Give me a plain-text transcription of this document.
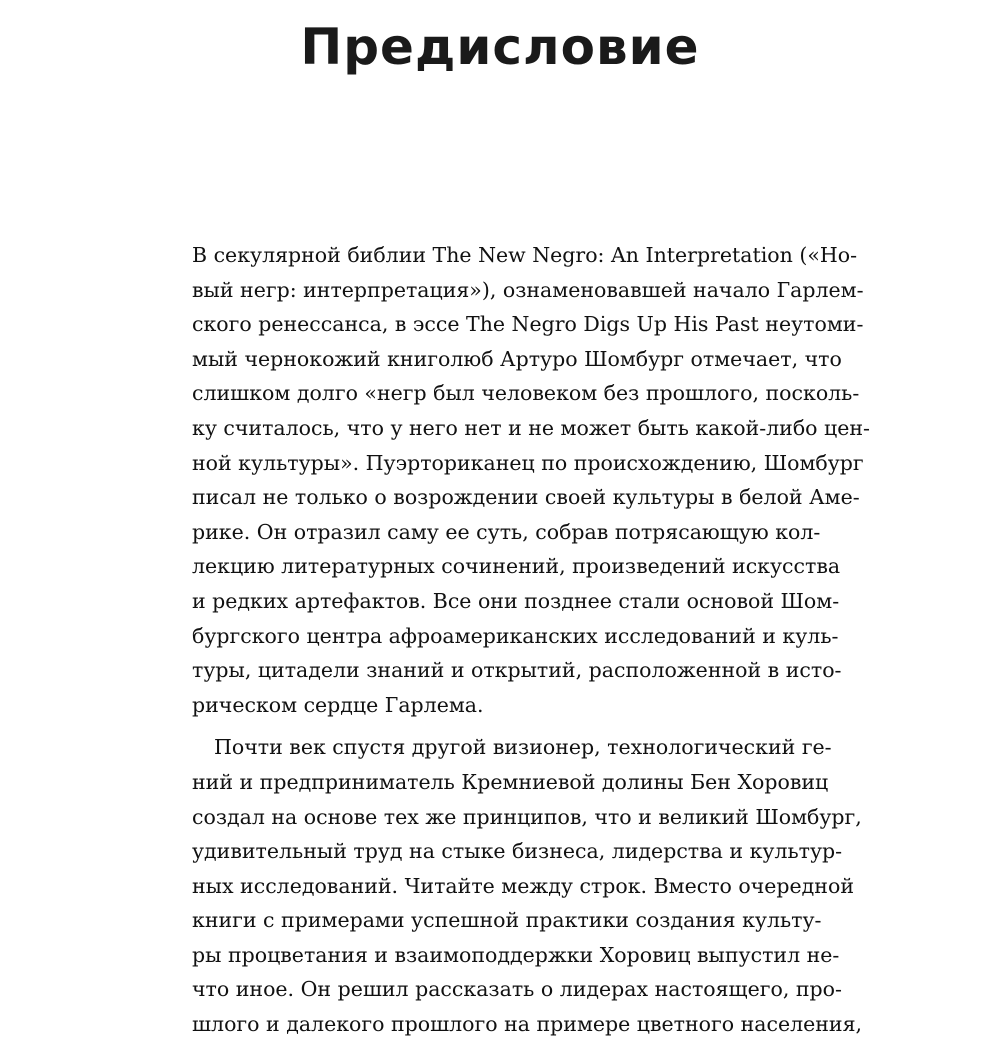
Предисловие
В секулярной библии The New Negro: An Interpretation («Но-
вый негр: интерпретация»), ознаменовавшей начало Гарлем-
ского ренессанса, в эссе The Negro Digs Up His Past неутоми-
мый чернокожий книголюб Артуро Шомбург отмечает, что
слишком долго «негр был человеком без прошлого, посколь-
ку считалось, что у него нет и не может быть какой-либо цен-
ной культуры». Пуэрториканец по происхождению, Шомбург
писал не только о возрождении своей культуры в белой Аме-
рике. Он отразил саму ее суть, собрав потрясающую кол-
лекцию литературных сочинений, произведений искусства
и редких артефактов. Все они позднее стали основой Шом-
бургского центра афроамериканских исследований и куль-
туры, цитадели знаний и открытий, расположенной в исто-
рическом сердце Гарлема.
Почти век спустя другой визионер, технологический ге-
ний и предприниматель Кремниевой долины Бен Хоровиц
создал на основе тех же принципов, что и великий Шомбург,
удивительный труд на стыке бизнеса, лидерства и культур-
ных исследований. Читайте между строк. Вместо очередной
книги с примерами успешной практики создания культу-
ры процветания и взаимоподдержки Хоровиц выпустил не-
что иное. Он решил рассказать о лидерах настоящего, про-
шлого и далекого прошлого на примере цветного населения,
